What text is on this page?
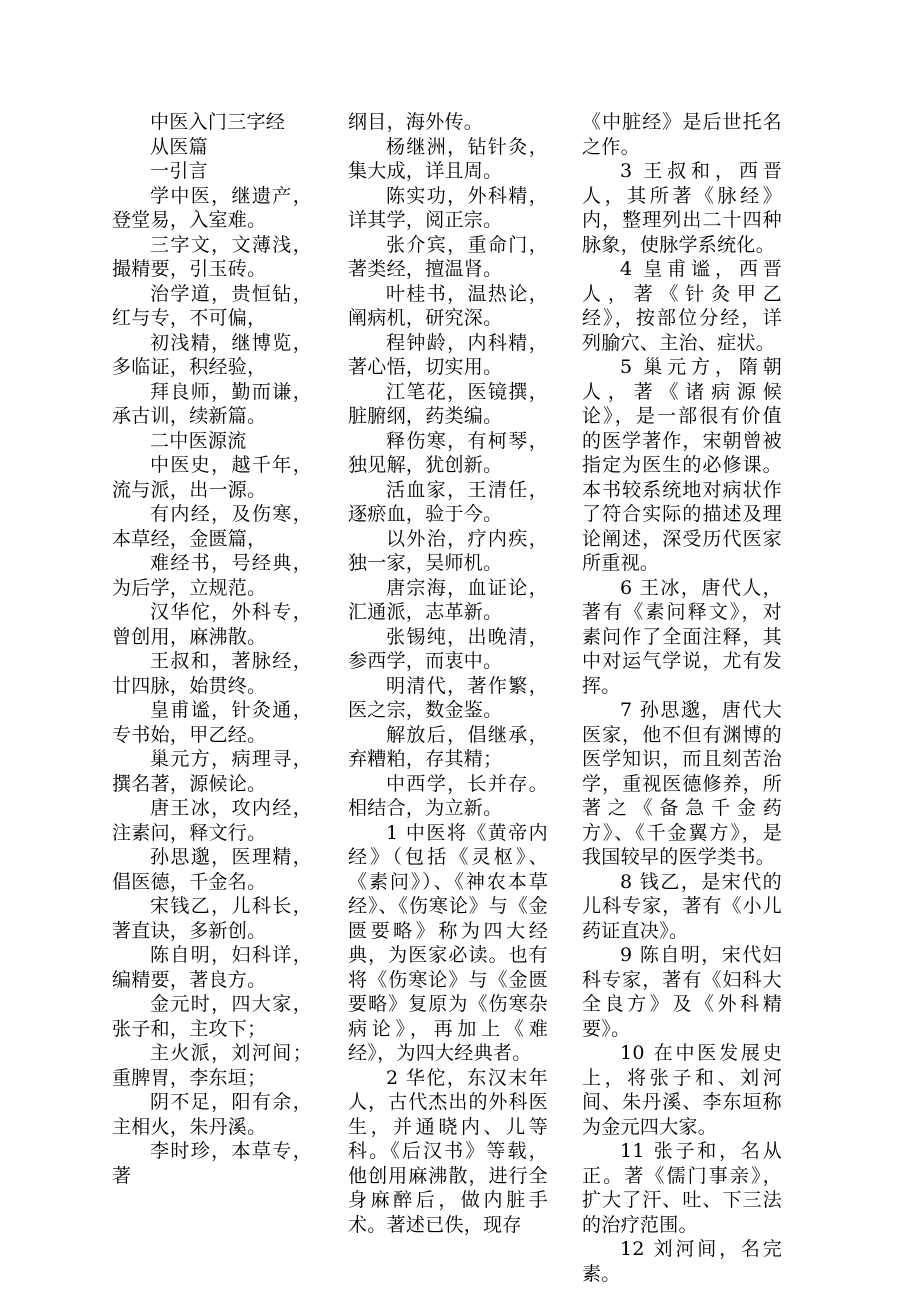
中医入门三字经

从医篇

一引言

学中医，继遗产，登堂易，入室难。

三字文，文薄浅，撮精要，引玉砖。

治学道，贵恒钻，红与专，不可偏，

初浅精，继博览，多临证，积经验，

拜良师，勤而谦，承古训，续新篇。

二中医源流

中医史，越千年，流与派，出一源。

有内经，及伤寒，本草经，金匮篇，

难经书，号经典，为后学，立规范。

汉华佗，外科专，曾创用，麻沸散。

王叔和，著脉经，廿四脉，始贯终。

皇甫谧，针灸通，专书始，甲乙经。

巢元方，病理寻，撰名著，源候论。

唐王冰，攻内经，注素问，释文行。

孙思邈，医理精，倡医德，千金名。

宋钱乙，儿科长，著直诀，多新创。

陈自明，妇科详，编精要，著良方。

金元时，四大家，张子和，主攻下；

主火派，刘河间；重脾胃，李东垣；

阴不足，阳有余，主相火，朱丹溪。

李时珍，本草专，著

纲目，海外传。

杨继洲，钻针灸，集大成，详且周。

陈实功，外科精，详其学，阅正宗。

张介宾，重命门，著类经，擅温肾。

叶桂书，温热论，阐病机，研究深。

程钟龄，内科精，著心悟，切实用。

江笔花，医镜撰，脏腑纲，药类编。

释伤寒，有柯琴，独见解，犹创新。

活血家，王清任，逐瘀血，验于今。

以外治，疗内疾，独一家，吴师机。

唐宗海，血证论，汇通派，志革新。

张锡纯，出晚清，参西学，而衷中。

明清代，著作繁，医之宗，数金鉴。

解放后，倡继承，弃糟粕，存其精；

中西学，长并存。相结合，为立新。

1 中医将《黄帝内经》（包括《灵枢》、《素问》）、《神农本草经》、《伤寒论》与《金匮要略》称为四大经典，为医家必读。也有将《伤寒论》与《金匮要略》复原为《伤寒杂病论》，再加上《难经》，为四大经典者。

2 华佗，东汉末年人，古代杰出的外科医生，并通晓内、儿等科。《后汉书》等载，他创用麻沸散，进行全身麻醉后，做内脏手术。著述已佚，现存

《中脏经》是后世托名之作。

3 王叔和，西晋人，其所著《脉经》内，整理列出二十四种脉象，使脉学系统化。

4 皇甫谧，西晋人，著《针灸甲乙经》，按部位分经，详列腧穴、主治、症状。

5 巢元方，隋朝人，著《诸病源候论》，是一部很有价值的医学著作，宋朝曾被指定为医生的必修课。本书较系统地对病状作了符合实际的描述及理论阐述，深受历代医家所重视。

6 王冰，唐代人，著有《素问释文》，对素问作了全面注释，其中对运气学说，尤有发挥。

7 孙思邈，唐代大医家，他不但有渊博的医学知识，而且刻苦治学，重视医德修养，所著之《备急千金药方》、《千金翼方》，是我国较早的医学类书。

8 钱乙，是宋代的儿科专家，著有《小儿药证直决》。

9 陈自明，宋代妇科专家，著有《妇科大全良方》及《外科精要》。

10 在中医发展史上，将张子和、刘河间、朱丹溪、李东垣称为金元四大家。

11 张子和，名从正。著《儒门事亲》，扩大了汗、吐、下三法的治疗范围。

12 刘河间，名完素。
